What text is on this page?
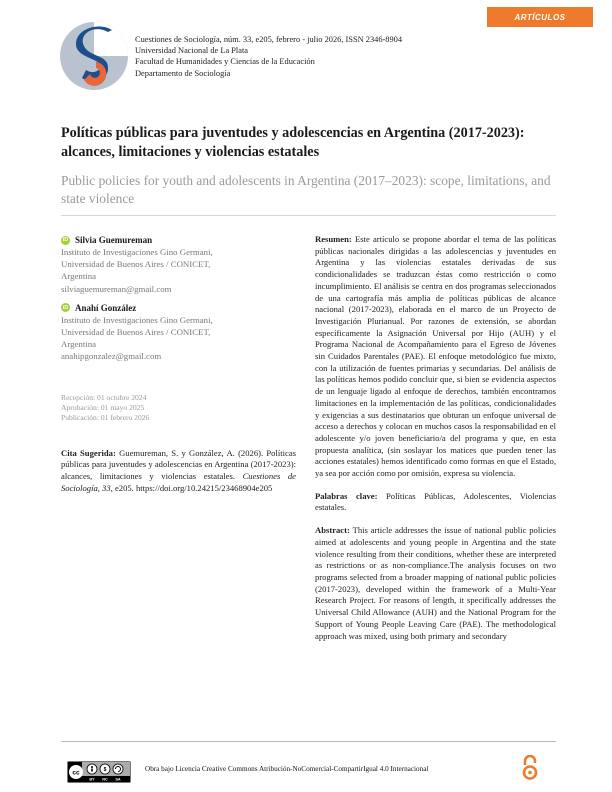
ARTÍCULOS
Cuestiones de Sociología, núm. 33, e205, febrero - julio 2026, ISSN 2346-8904
Universidad Nacional de La Plata
Facultad de Humanidades y Ciencias de la Educación
Departamento de Sociología
Políticas públicas para juventudes y adolescencias en Argentina (2017-2023): alcances, limitaciones y violencias estatales
Public policies for youth and adolescents in Argentina (2017–2023): scope, limitations, and state violence
iD Silvia Guemureman
Instituto de Investigaciones Gino Germani,
Universidad de Buenos Aires / CONICET,
Argentina
silviaguemureman@gmail.com
iD Anahí González
Instituto de Investigaciones Gino Germani,
Universidad de Buenos Aires / CONICET,
Argentina
anahipgonzalez@gmail.com
Recepción: 01 octubre 2024
Aprobación: 01 mayo 2025
Publicación: 01 febrero 2026
Cita Sugerida: Guemureman, S. y González, A. (2026). Políticas públicas para juventudes y adolescencias en Argentina (2017-2023): alcances, limitaciones y violencias estatales. Cuestiones de Sociología, 33, e205. https://doi.org/10.24215/23468904e205

Resumen: Este artículo se propone abordar el tema de las políticas públicas nacionales dirigidas a las adolescencias y juventudes en Argentina y las violencias estatales derivadas de sus condicionalidades se traduzcan éstas como restricción o como incumplimiento. El análisis se centra en dos programas seleccionados de una cartografía más amplia de políticas públicas de alcance nacional (2017-2023), elaborada en el marco de un Proyecto de Investigación Plurianual. Por razones de extensión, se abordan específicamente la Asignación Universal por Hijo (AUH) y el Programa Nacional de Acompañamiento para el Egreso de Jóvenes sin Cuidados Parentales (PAE). El enfoque metodológico fue mixto, con la utilización de fuentes primarias y secundarias. Del análisis de las políticas hemos podido concluir que, si bien se evidencia aspectos de un lenguaje ligado al enfoque de derechos, también encontramos limitaciones en la implementación de las políticas, condicionalidades y exigencias a sus destinatarios que obturan un enfoque universal de acceso a derechos y colocan en muchos casos la responsabilidad en el adolescente y/o joven beneficiario/a del programa y que, en esta propuesta analítica, (sin soslayar los matices que pueden tener las acciones estatales) hemos identificado como formas en que el Estado, ya sea por acción como por omisión, expresa su violencia.

Palabras clave: Políticas Públicas, Adolescentes, Violencias estatales.

Abstract: This article addresses the issue of national public policies aimed at adolescents and young people in Argentina and the state violence resulting from their conditions, whether these are interpreted as restrictions or as non-compliance.The analysis focuses on two programs selected from a broader mapping of national public policies (2017-2023), developed within the framework of a Multi-Year Research Project. For reasons of length, it specifically addresses the Universal Child Allowance (AUH) and the National Program for the Support of Young People Leaving Care (PAE). The methodological approach was mixed, using both primary and secondary

cc	$
BY NC SA
Obra bajo Licencia Creative Commons Atribución-NoComercial-CompartirIgual 4.0 Internacional
